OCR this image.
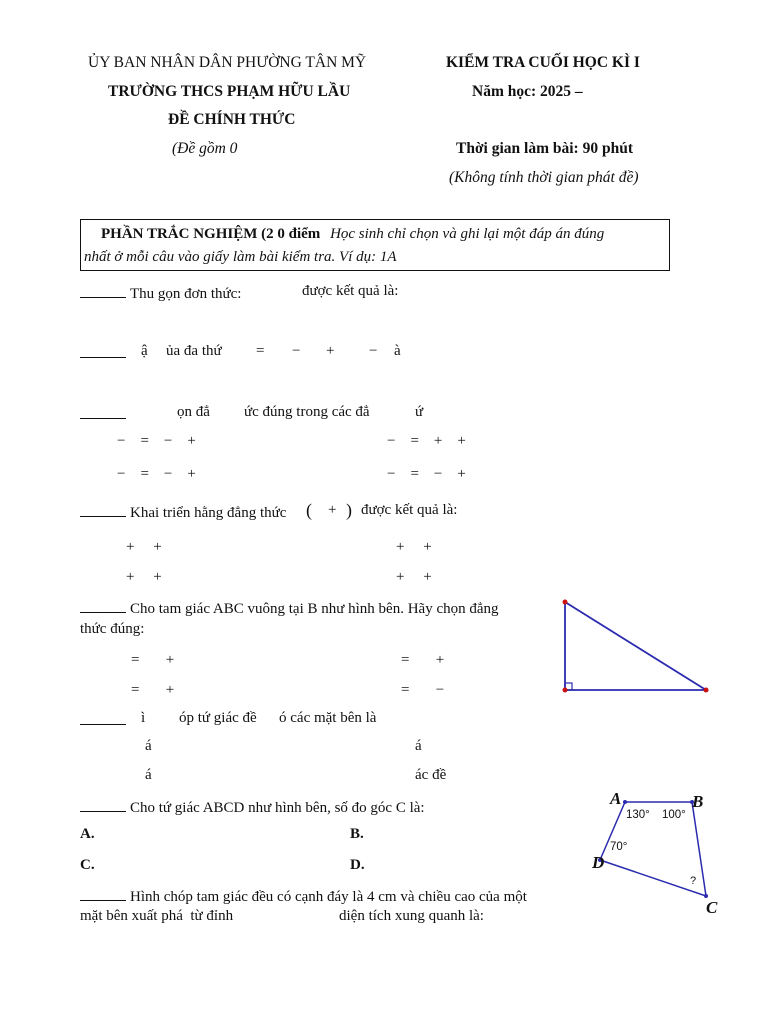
ỦY BAN NHÂN DÂN PHƯỜNG TÂN MỸ
TRƯỜNG THCS PHẠM HỮU LẦU
ĐỀ CHÍNH THỨC
(Đề gồm 0
KIỂM TRA CUỐI HỌC KÌ I
Năm học: 2025 –
Thời gian làm bài: 90 phút
(Không tính thời gian phát đề)
PHẦN TRẮC NGHIỆM (2 0 điểm Học sinh chỉ chọn và ghi lại một đáp án đúng
nhất ở mỗi câu vào giấy làm bài kiểm tra. Ví dụ: 1A
Thu gọn đơn thức:	được kết quả là:
ậ ủa đa thứ = − + − à
ọn đẳ ức đúng trong các đẳ	ứ
−    =    −    +	−    =    +    +
−    =    −    +	−    =    −    +
Khai triển hằng đẳng thức ( + ) được kết quả là:
+     +	+     +
+     +	+     +
Cho tam giác ABC vuông tại B như hình bên. Hãy chọn đẳng
thức đúng:
=       +	=       +
=       +	=       −
ì óp tứ giác đề ó các mặt bên là
á	á
á	ác đề
Cho tứ giác ABCD như hình bên, số đo góc C là:
A.	B.
C.	D.
A	B
D
C
130° 100°
70°
?
Hình chóp tam giác đều có cạnh đáy là 4 cm và chiều cao của một
mặt bên xuất phá  từ đỉnh	diện tích xung quanh là:
